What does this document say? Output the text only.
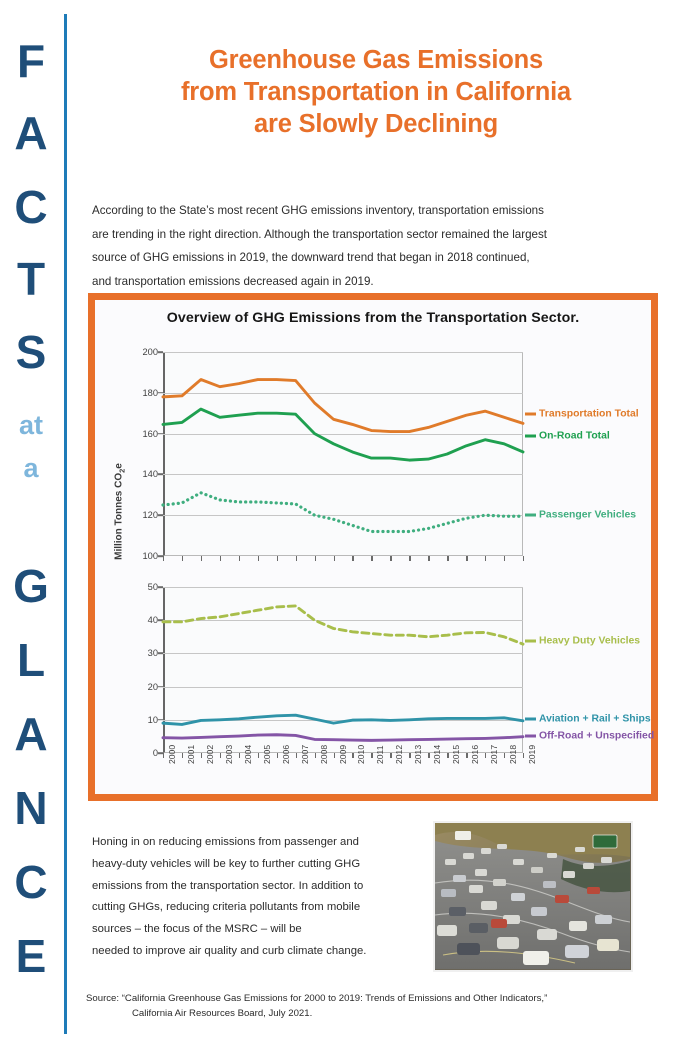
F
A
C
T
S
at
a
G
L
A
N
C
E
Greenhouse Gas Emissions
from Transportation in California
are Slowly Declining
According to the State’s most recent GHG emissions inventory, transportation emissions
are trending in the right direction. Although the transportation sector remained the largest
source of GHG emissions in 2019, the downward trend that began in 2018 continued,
and transportation emissions decreased again in 2019.
Overview of GHG Emissions from the Transportation Sector.
Million Tonnes $CO_2e$
100
120
140
160
180
200
Transportation Total
On-Road Total
Passenger Vehicles
0
10
20
30
40
50
2000 2001 2002 2003 2004 2005 2006 2007 2008 2009 2010 2011 2012 2013 2014 2015 2016 2017 2018 2019
Heavy Duty Vehicles
Aviation + Rail + Ships
Off-Road + Unspecified
Honing in on reducing emissions from passenger and
heavy-duty vehicles will be key to further cutting GHG
emissions from the transportation sector. In addition to
cutting GHGs, reducing criteria pollutants from mobile
sources – the focus of the MSRC – will be
needed to improve air quality and curb climate change.
Source: “California Greenhouse Gas Emissions for 2000 to 2019: Trends of Emissions and Other Indicators,”
California Air Resources Board, July 2021.
